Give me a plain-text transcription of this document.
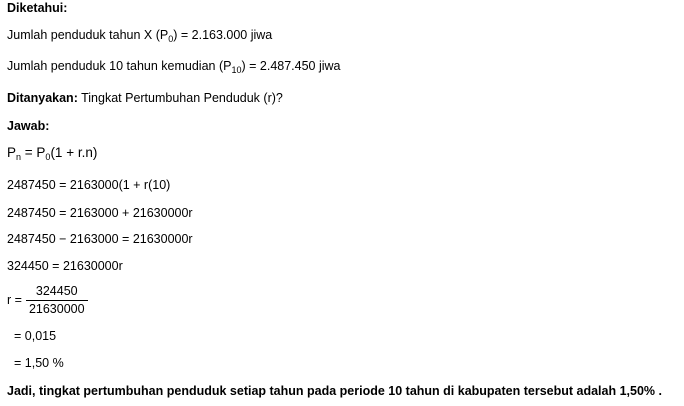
Diketahui:
Jumlah penduduk tahun X $(P_0) = 2.163.000$ jiwa
Jumlah penduduk 10 tahun kemudian $(P_{10}) = 2.487.450$ jiwa
Ditanyakan: Tingkat Pertumbuhan Penduduk (r)?
Jawab:
$P_n = P_0(1 + r.n)$
2487450 = 2163000(1 + r(10)
2487450 = 2163000 + 21630000r
2487450 − 2163000 = 21630000r
324450 = 21630000r
$r = \frac{324450}{21630000}$
= 0,015
= 1,50 %
Jadi, tingkat pertumbuhan penduduk setiap tahun pada periode 10 tahun di kabupaten tersebut adalah 1,50% .
